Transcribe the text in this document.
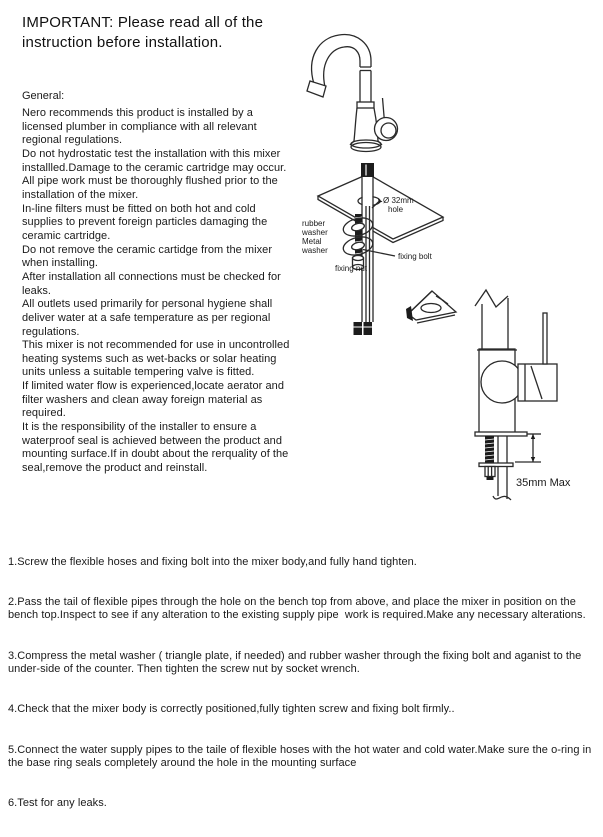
IMPORTANT: Please read all of the instruction before installation.
General:
Nero recommends this product is installed by a licensed plumber in compliance with all relevant regional regulations.
Do not hydrostatic test the installation with this mixer installled.Damage to the ceramic cartridge may occur.
All pipe work must be thoroughly flushed prior to the installation of the mixer.
In-line filters must be fitted on both hot and cold supplies to prevent foreign particles damaging the ceramic cartridge.
Do not remove the ceramic cartidge from the mixer when installing.
After installation all connections must be checked for leaks.
All outlets used primarily for personal hygiene shall deliver water at a safe temperature as per regional regulations.
This mixer is not recommended for use in uncontrolled heating systems such as wet-backs or solar heating units unless a suitable tempering valve is fitted.
If limited water flow is experienced,locate aerator and filter washers and clean away foreign material as required.
It is the responsibility of the installer to ensure a waterproof seal is achieved between the product and mounting surface.If in doubt about the rerquality of the seal,remove the product and reinstall.

1.Screw the flexible hoses and fixing bolt into the mixer body,and fully hand tighten.

2.Pass the tail of flexible pipes through the hole on the bench top from above, and place the mixer in position on the bench top.Inspect to see if any alteration to the existing supply pipe  work is required.Make any necessary alterations.

3.Compress the metal washer ( triangle plate, if needed) and rubber washer through the fixing bolt and aganist to the under-side of the counter. Then tighten the screw nut by socket wrench.

4.Check that the mixer body is correctly positioned,fully tighten screw and fixing bolt firmly..

5.Connect the water supply pipes to the taile of flexible hoses with the hot water and cold water.Make sure the o-ring in the base ring seals completely around the hole in the mounting surface

6.Test for any leaks.

Ø 32mm
hole
rubber
washer
Metal
washer
fixing nut
fixing bolt
35mm Max
